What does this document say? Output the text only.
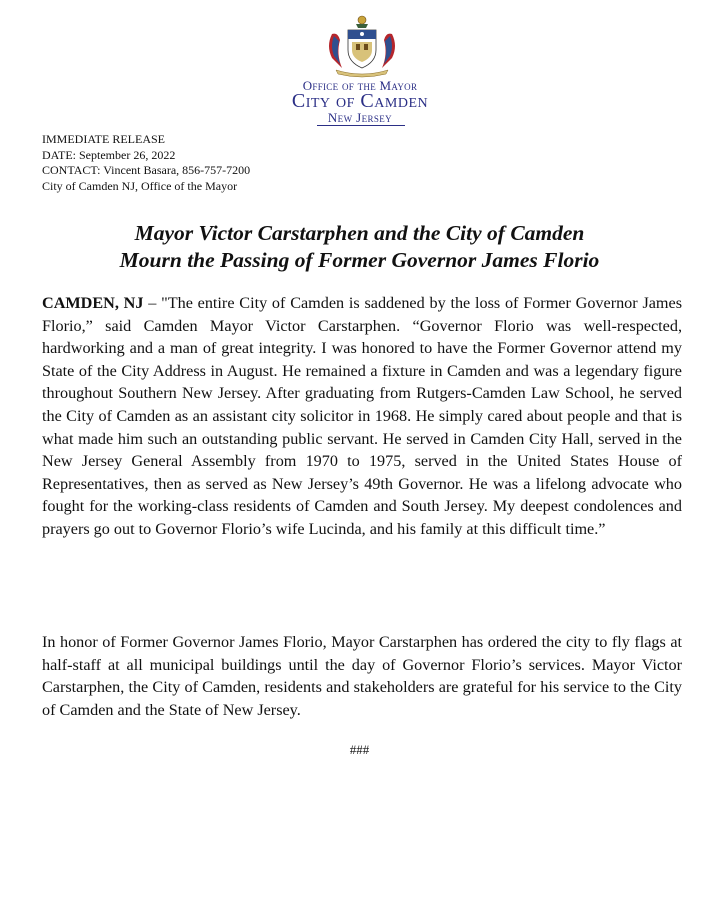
Office of the Mayor
City of Camden
New Jersey
IMMEDIATE RELEASE
DATE: September 26, 2022
CONTACT: Vincent Basara, 856-757-7200
City of Camden NJ, Office of the Mayor
Mayor Victor Carstarphen and the City of Camden
Mourn the Passing of Former Governor James Florio
CAMDEN, NJ – "The entire City of Camden is saddened by the loss of Former Governor James Florio,” said Camden Mayor Victor Carstarphen. “Governor Florio was well-respected, hardworking and a man of great integrity. I was honored to have the Former Governor attend my State of the City Address in August. He remained a fixture in Camden and was a legendary figure throughout Southern New Jersey. After graduating from Rutgers-Camden Law School, he served the City of Camden as an assistant city solicitor in 1968. He simply cared about people and that is what made him such an outstanding public servant. He served in Camden City Hall, served in the New Jersey General Assembly from 1970 to 1975, served in the United States House of Representatives, then as served as New Jersey’s 49th Governor. He was a lifelong advocate who fought for the working-class residents of Camden and South Jersey. My deepest condolences and prayers go out to Governor Florio’s wife Lucinda, and his family at this difficult time.”
In honor of Former Governor James Florio, Mayor Carstarphen has ordered the city to fly flags at half-staff at all municipal buildings until the day of Governor Florio’s services. Mayor Victor Carstarphen, the City of Camden, residents and stakeholders are grateful for his service to the City of Camden and the State of New Jersey.
###
